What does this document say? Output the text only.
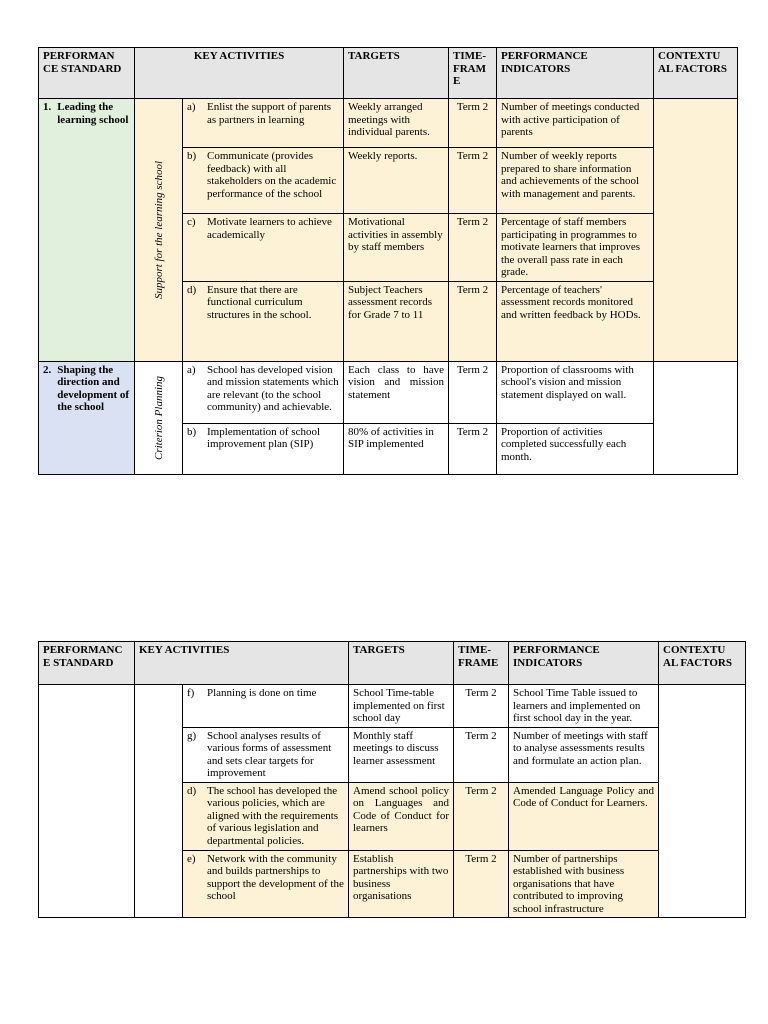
PERFORMAN CE STANDARD	KEY ACTIVITIES		TARGETS	TIME- FRAM E	PERFORMANCE INDICATORS	CONTEXTU AL FACTORS

1. Leading the learning school	Support for the learning school	a) Enlist the support of parents as partners in learning	Weekly arranged meetings with individual parents.	Term 2	Number of meetings conducted with active participation of parents	

		b) Communicate (provides feedback) with all stakeholders on the academic performance of the school	Weekly reports.	Term 2	Number of weekly reports prepared to share information and achievements of the school with management and parents.	

		c) Motivate learners to achieve academically	Motivational activities in assembly by staff members	Term 2	Percentage of staff members participating in programmes to motivate learners that improves the overall pass rate in each grade.	

		d) Ensure that there are functional curriculum structures in the school.	Subject Teachers assessment records for Grade 7 to 11	Term 2	Percentage of teachers' assessment records monitored and written feedback by HODs.	

2. Shaping the direction and development of the school	Criterion Planning	a) School has developed vision and mission statements which are relevant (to the school community) and achievable.	Each class to have vision and mission statement	Term 2	Proportion of classrooms with school's vision and mission statement displayed on wall.	

		b) Implementation of school improvement plan (SIP)	80% of activities in SIP implemented	Term 2	Proportion of activities completed successfully each month.	
PERFORMANC E STANDARD	KEY ACTIVITIES		TARGETS	TIME- FRAME	PERFORMANCE INDICATORS	CONTEXTU AL FACTORS

		f) Planning is done on time	School Time-table implemented on first school day	Term 2	School Time Table issued to learners and implemented on first school day in the year.	

		g) School analyses results of various forms of assessment and sets clear targets for improvement	Monthly staff meetings to discuss learner assessment	Term 2	Number of meetings with staff to analyse assessments results and formulate an action plan.	

		d) The school has developed the various policies, which are aligned with the requirements of various legislation and departmental policies.	Amend school policy on Languages and Code of Conduct for learners	Term 2	Amended Language Policy and Code of Conduct for Learners.	

		e) Network with the community and builds partnerships to support the development of the school	Establish partnerships with two business organisations	Term 2	Number of partnerships established with business organisations that have contributed to improving school infrastructure	
